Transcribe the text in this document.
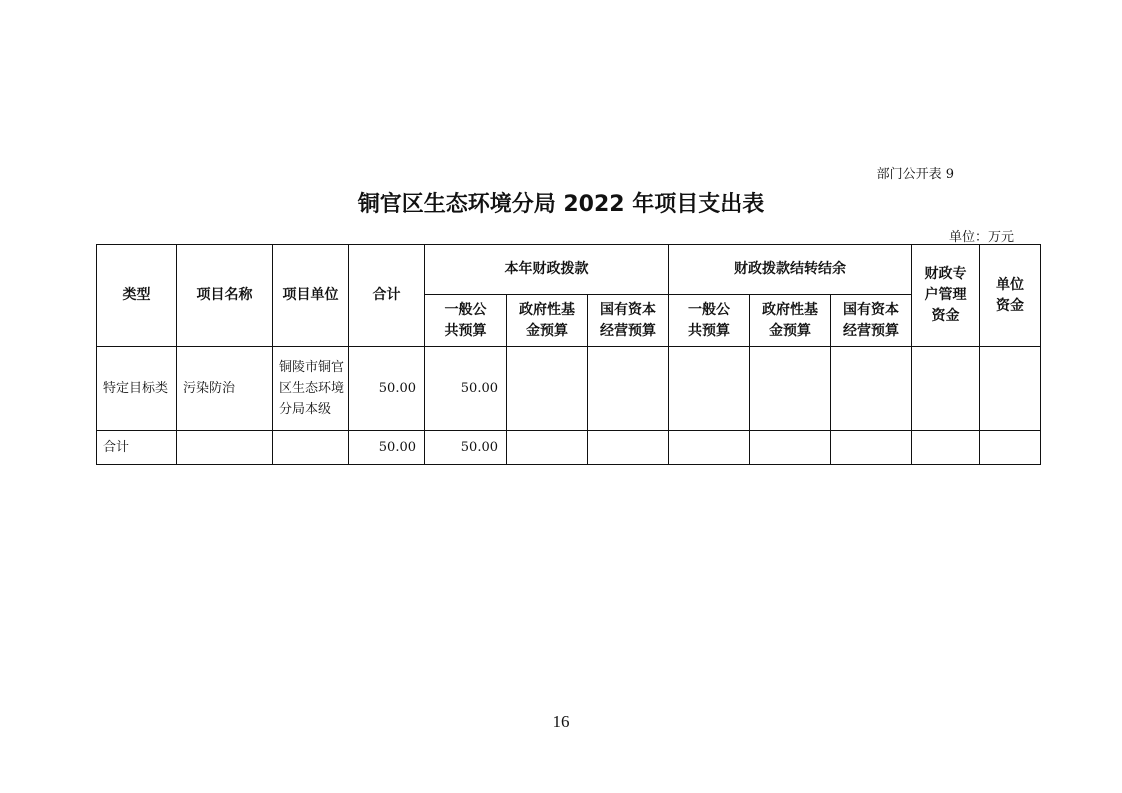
部门公开表 9
铜官区生态环境分局 2022 年项目支出表
单位：万元
类型	项目名称	项目单位	合计	本年财政拨款			财政拨款结转结余			财政专户管理资金	单位资金
				一般公共预算	政府性基金预算	国有资本经营预算	一般公共预算	政府性基金预算	国有资本经营预算		
特定目标类	污染防治	铜陵市铜官区生态环境分局本级	50.00	50.00							
合计			50.00	50.00							
16
